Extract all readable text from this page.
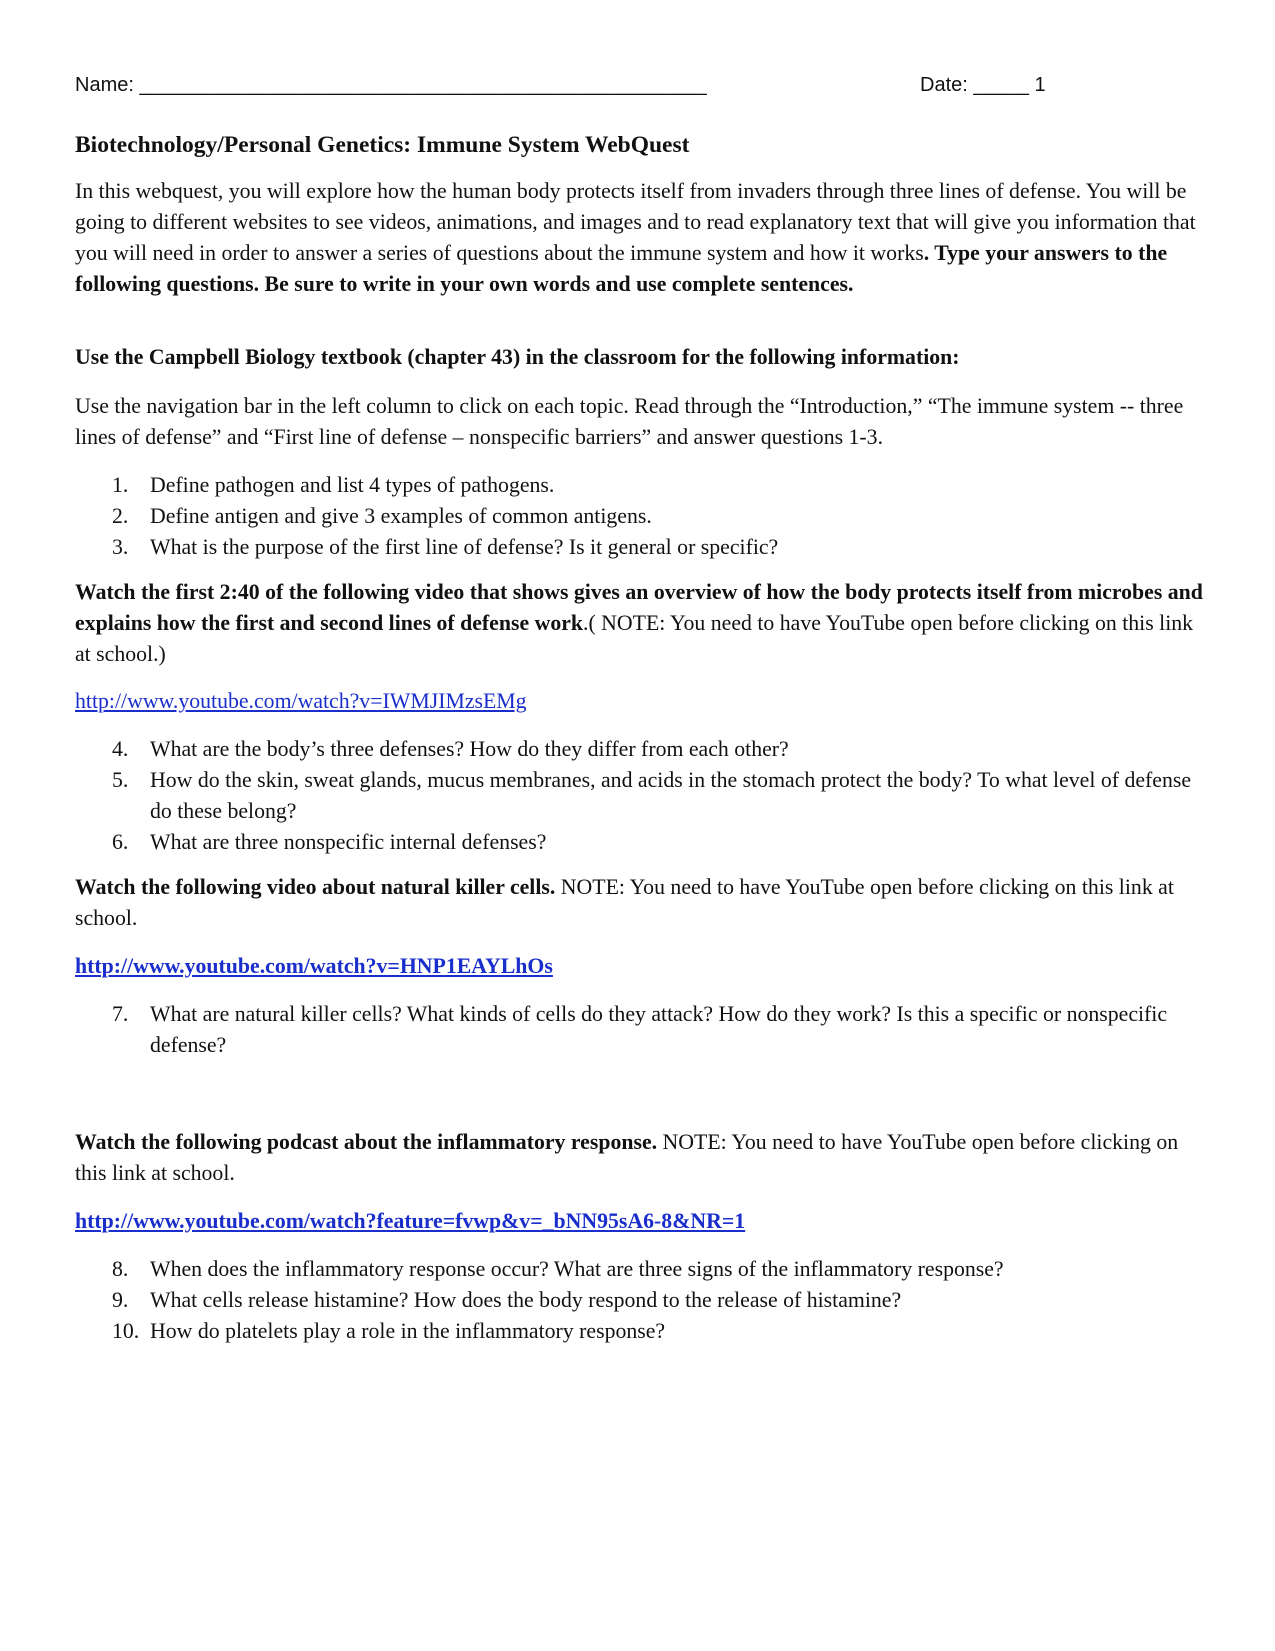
Name: ___________________________________________________	Date: _____ 1
Biotechnology/Personal Genetics: Immune System WebQuest
In this webquest, you will explore how the human body protects itself from invaders through three lines of defense. You will be going to different websites to see videos, animations, and images and to read explanatory text that will give you information that you will need in order to answer a series of questions about the immune system and how it works. Type your answers to the following questions. Be sure to write in your own words and use complete sentences.
Use the Campbell Biology textbook (chapter 43) in the classroom for the following information:
Use the navigation bar in the left column to click on each topic. Read through the “Introduction,” “The immune system -- three lines of defense” and “First line of defense – nonspecific barriers” and answer questions 1-3.
1. Define pathogen and list 4 types of pathogens.
2. Define antigen and give 3 examples of common antigens.
3. What is the purpose of the first line of defense? Is it general or specific?
Watch the first 2:40 of the following video that shows gives an overview of how the body protects itself from microbes and explains how the first and second lines of defense work.( NOTE: You need to have YouTube open before clicking on this link at school.)
http://www.youtube.com/watch?v=IWMJIMzsEMg
4. What are the body’s three defenses? How do they differ from each other?
5. How do the skin, sweat glands, mucus membranes, and acids in the stomach protect the body? To what level of defense do these belong?
6. What are three nonspecific internal defenses?
Watch the following video about natural killer cells. NOTE: You need to have YouTube open before clicking on this link at school.
http://www.youtube.com/watch?v=HNP1EAYLhOs
7. What are natural killer cells? What kinds of cells do they attack? How do they work? Is this a specific or nonspecific defense?
Watch the following podcast about the inflammatory response. NOTE: You need to have YouTube open before clicking on this link at school.
http://www.youtube.com/watch?feature=fvwp&v=_bNN95sA6-8&NR=1
8. When does the inflammatory response occur? What are three signs of the inflammatory response?
9. What cells release histamine? How does the body respond to the release of histamine?
10. How do platelets play a role in the inflammatory response?
